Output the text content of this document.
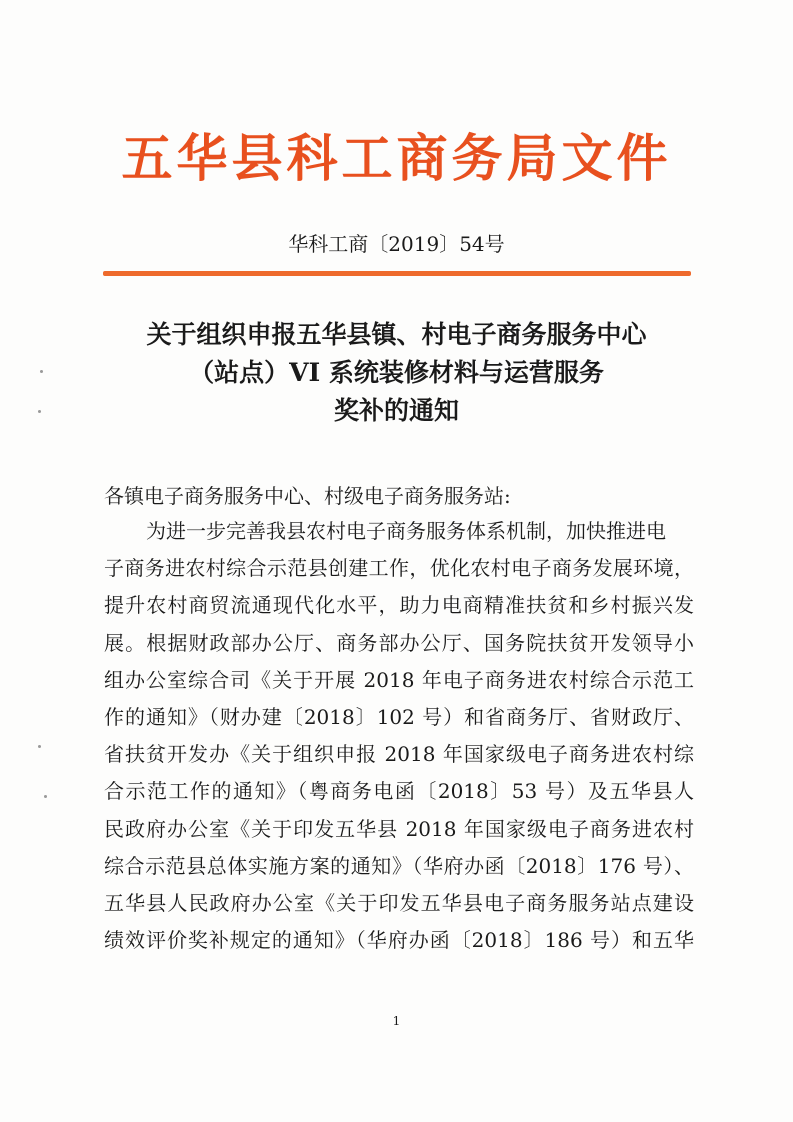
五华县科工商务局文件
华科工商〔2019〕54号
关于组织申报五华县镇、村电子商务服务中心
（站点）VI 系统装修材料与运营服务
奖补的通知
各镇电子商务服务中心、村级电子商务服务站:
为进一步完善我县农村电子商务服务体系机制，加快推进电
子商务进农村综合示范县创建工作，优化农村电子商务发展环境，
提升农村商贸流通现代化水平，助力电商精准扶贫和乡村振兴发
展。根据财政部办公厅、商务部办公厅、国务院扶贫开发领导小
组办公室综合司《关于开展 2018 年电子商务进农村综合示范工
作的通知》（财办建〔2018〕102 号）和省商务厅、省财政厅、
省扶贫开发办《关于组织申报 2018 年国家级电子商务进农村综
合示范工作的通知》（粤商务电函〔2018〕53 号）及五华县人
民政府办公室《关于印发五华县 2018 年国家级电子商务进农村
综合示范县总体实施方案的通知》（华府办函〔2018〕176 号）、
五华县人民政府办公室《关于印发五华县电子商务服务站点建设
绩效评价奖补规定的通知》（华府办函〔2018〕186 号）和五华
1
